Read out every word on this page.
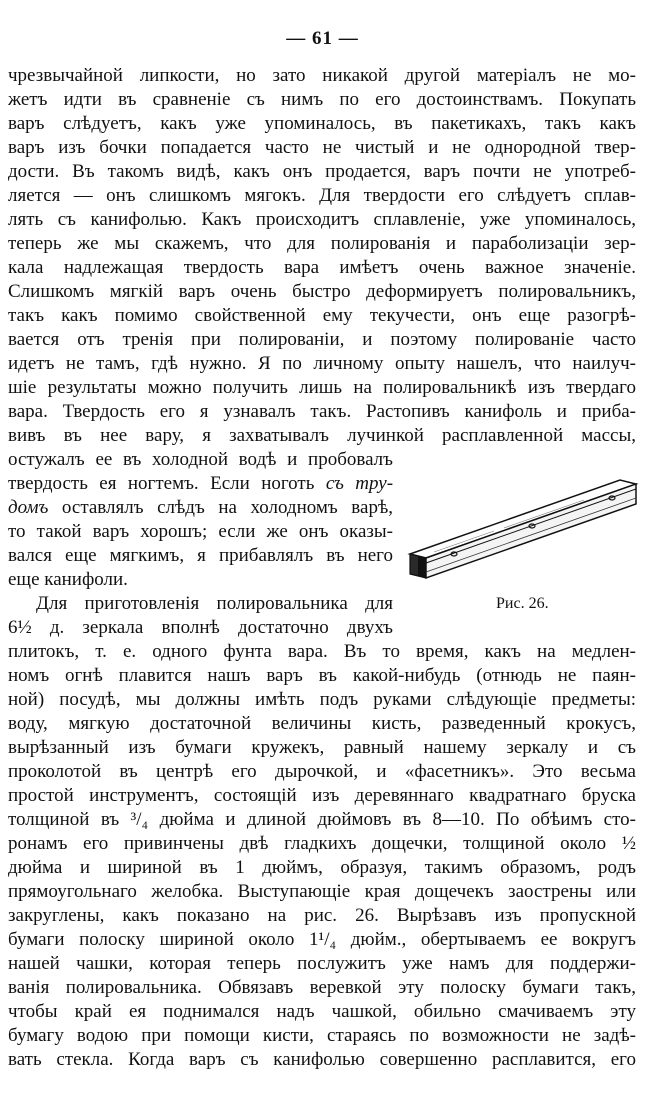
— 61 —
чрезвычайной липкости, но зато никакой другой матеріалъ не мо-
жетъ идти въ сравненіе съ нимъ по его достоинствамъ. Покупать
варъ слѣдуетъ, какъ уже упоминалось, въ пакетикахъ, такъ какъ
варъ изъ бочки попадается часто не чистый и не однородной твер-
дости. Въ такомъ видѣ, какъ онъ продается, варъ почти не употреб-
ляется — онъ слишкомъ мягокъ. Для твердости его слѣдуетъ сплав-
лять съ канифолью. Какъ происходитъ сплавленіе, уже упоминалось,
теперь же мы скажемъ, что для полированія и параболизаціи зер-
кала надлежащая твердость вара имѣетъ очень важное значеніе.
Слишкомъ мягкій варъ очень быстро деформируетъ полировальникъ,
такъ какъ помимо свойственной ему текучести, онъ еще разогрѣ-
вается отъ тренія при полированіи, и поэтому полированіе часто
идетъ не тамъ, гдѣ нужно. Я по личному опыту нашелъ, что наилуч-
шіе результаты можно получить лишь на полировальникѣ изъ твердаго
вара. Твердость его я узнавалъ такъ. Растопивъ канифоль и приба-
вивъ въ нее вару, я захватывалъ лучинкой расплавленной массы,
остужалъ ее въ холодной водѣ и пробовалъ
твердость ея ногтемъ. Если ноготь съ тру-
домъ оставлялъ слѣдъ на холодномъ варѣ,
то такой варъ хорошъ; если же онъ оказы-
вался еще мягкимъ, я прибавлялъ въ него
еще канифоли.
Для приготовленія полировальника для
6½ д. зеркала вполнѣ достаточно двухъ
плитокъ, т. е. одного фунта вара. Въ то время, какъ на медлен-
номъ огнѣ плавится нашъ варъ въ какой-нибудь (отнюдь не паян-
ной) посудѣ, мы должны имѣть подъ руками слѣдующіе предметы:
воду, мягкую достаточной величины кисть, разведенный крокусъ,
вырѣзанный изъ бумаги кружекъ, равный нашему зеркалу и съ
проколотой въ центрѣ его дырочкой, и «фасетникъ». Это весьма
простой инструментъ, состоящій изъ деревяннаго квадратнаго бруска
толщиной въ ³/₄ дюйма и длиной дюймовъ въ 8—10. По обѣимъ сто-
ронамъ его привинчены двѣ гладкихъ дощечки, толщиной около ½
дюйма и шириной въ 1 дюймъ, образуя, такимъ образомъ, родъ
прямоугольнаго желобка. Выступающіе края дощечекъ заострены или
закруглены, какъ показано на рис. 26. Вырѣзавъ изъ пропускной
бумаги полоску шириной около 1¹/₄ дюйм., обертываемъ ее вокругъ
нашей чашки, которая теперь послужитъ уже намъ для поддержи-
ванія полировальника. Обвязавъ веревкой эту полоску бумаги такъ,
чтобы край ея поднимался надъ чашкой, обильно смачиваемъ эту
бумагу водою при помощи кисти, стараясь по возможности не задѣ-
вать стекла. Когда варъ съ канифолью совершенно расплавится, его
Рис. 26.
